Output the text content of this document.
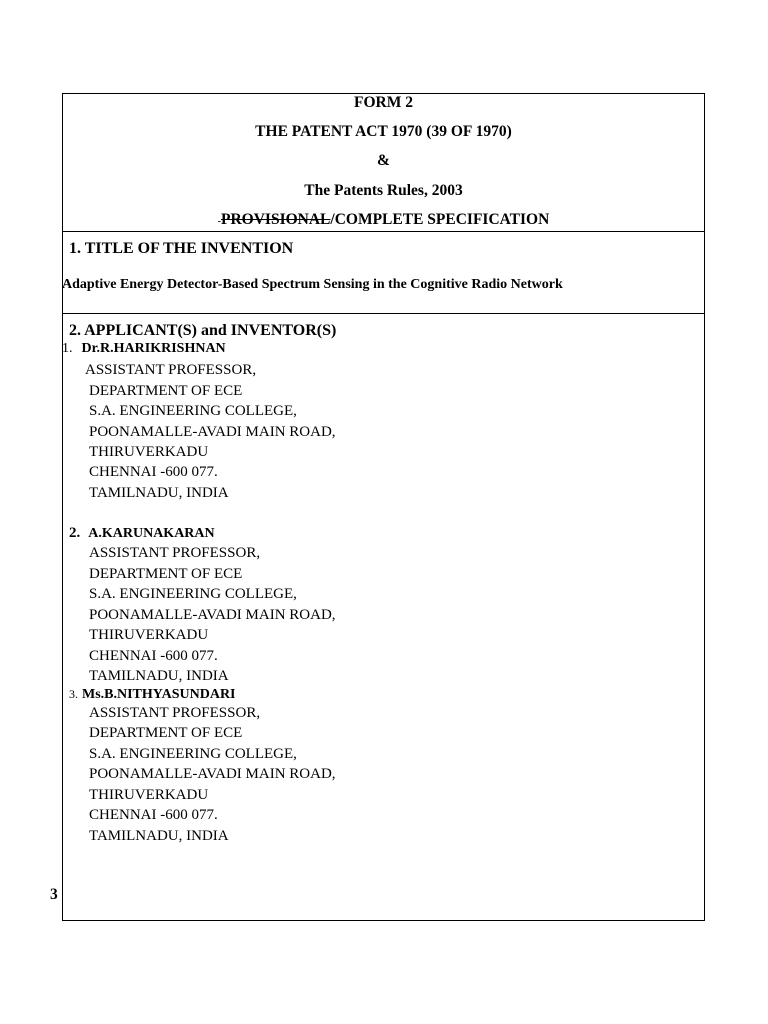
FORM 2
THE PATENT ACT 1970 (39 OF 1970)
&
The Patents Rules, 2003
-PROVISIONAL/COMPLETE SPECIFICATION
1. TITLE OF THE INVENTION
Adaptive Energy Detector-Based Spectrum Sensing in the Cognitive Radio Network
2. APPLICANT(S) and INVENTOR(S)
1. Dr.R.HARIKRISHNAN
ASSISTANT PROFESSOR,
DEPARTMENT OF ECE
S.A. ENGINEERING COLLEGE,
POONAMALLE-AVADI MAIN ROAD,
THIRUVERKADU
CHENNAI -600 077.
TAMILNADU, INDIA
2. A.KARUNAKARAN
ASSISTANT PROFESSOR,
DEPARTMENT OF ECE
S.A. ENGINEERING COLLEGE,
POONAMALLE-AVADI MAIN ROAD,
THIRUVERKADU
CHENNAI -600 077.
TAMILNADU, INDIA
3. Ms.B.NITHYASUNDARI
ASSISTANT PROFESSOR,
DEPARTMENT OF ECE
S.A. ENGINEERING COLLEGE,
POONAMALLE-AVADI MAIN ROAD,
THIRUVERKADU
CHENNAI -600 077.
TAMILNADU, INDIA
3
